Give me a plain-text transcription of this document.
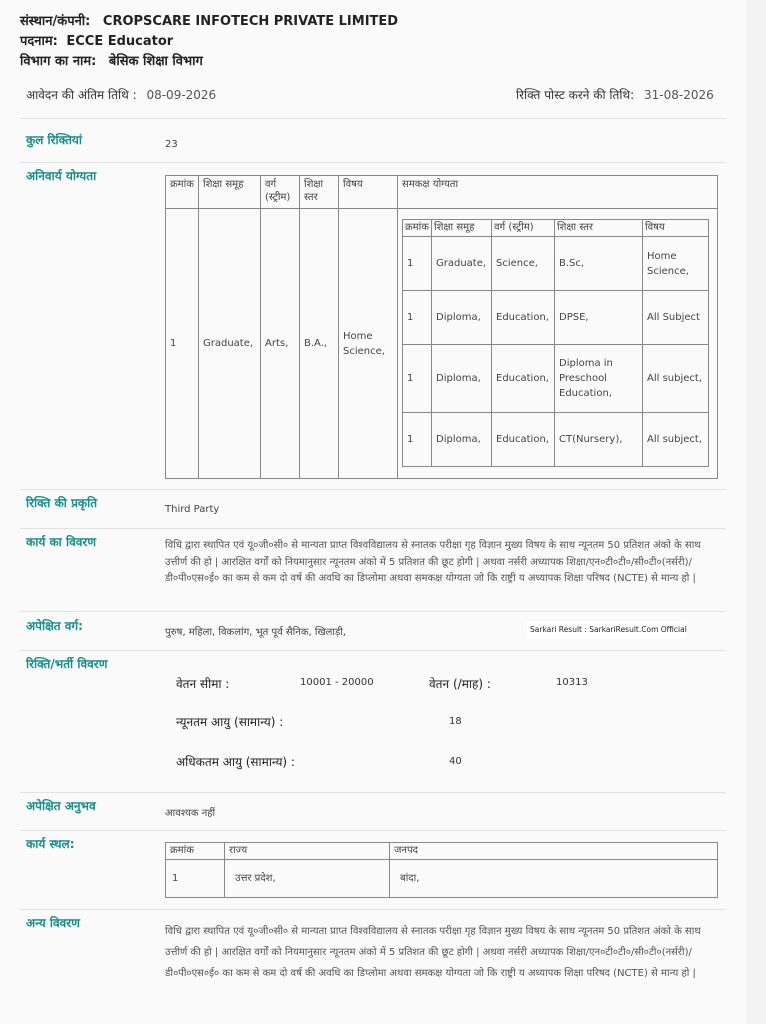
संस्थान/कंपनी: CROPSCARE INFOTECH PRIVATE LIMITED
पदनाम: ECCE Educator
विभाग का नाम: बेसिक शिक्षा विभाग
आवेदन की अंतिम तिथि : 08-09-2026	रिक्ति पोस्ट करने की तिथि: 31-08-2026
कुल रिक्तियां	23
अनिवार्य योग्यता
क्रमांक	शिक्षा समूह	वर्ग (स्ट्रीम)	शिक्षा स्तर	विषय	समकक्ष योग्यता
1	Graduate,	Arts,	B.A.,	Home Science,	
क्रमांक	शिक्षा समूह	वर्ग (स्ट्रीम)	शिक्षा स्तर	विषय
1	Graduate,	Science,	B.Sc,	Home Science,
1	Diploma,	Education,	DPSE,	All Subject
1	Diploma,	Education,	Diploma in Preschool Education,	All subject,
1	Diploma,	Education,	CT(Nursery),	All subject,
रिक्ति की प्रकृति	Third Party
कार्य का विवरण	विधि द्वारा स्थापित एवं यू०जी०सी० से मान्यता प्राप्त विश्वविद्यालय से स्नातक परीक्षा गृह विज्ञान मुख्य विषय के साथ न्यूनतम 50 प्रतिशत अंको के साथ उत्तीर्ण की हो | आरक्षित वर्गों को नियमानुसार न्यूनतम अंको में 5 प्रतिशत की छूट होगी | अथवा नर्सरी अध्यापक शिक्षा/एन०टी०टी०/सी०टी०(नर्सरी)/ डी०पी०एस०ई० का कम से कम दो वर्ष की अवधि का डिप्लोमा अथवा समकक्ष योग्यता जो कि राष्ट्री य अध्यापक शिक्षा परिषद (NCTE) से मान्य हो |
अपेक्षित वर्ग:	पुरुष, महिला, विकलांग, भूत पूर्व सैनिक, खिलाड़ी,	Sarkari Result : SarkariResult.Com Official
रिक्ति/भर्ती विवरण
वेतन सीमा :	10001 - 20000	वेतन (/माह) :	10313
न्यूनतम आयु (सामान्य) :	18
अधिकतम आयु (सामान्य) :	40
अपेक्षित अनुभव
आवश्यक नहीं
कार्य स्थल:	क्रमांक	राज्य	जनपद
1	उत्तर प्रदेश,	बांदा,
अन्य विवरण
विधि द्वारा स्थापित एवं यू०जी०सी० से मान्यता प्राप्त विश्वविद्यालय से स्नातक परीक्षा गृह विज्ञान मुख्य विषय के साथ न्यूनतम 50 प्रतिशत अंको के साथ उत्तीर्ण की हो | आरक्षित वर्गों को नियमानुसार न्यूनतम अंको में 5 प्रतिशत की छूट होगी | अथवा नर्सरी अध्यापक शिक्षा/एन०टी०टी०/सी०टी०(नर्सरी)/ डी०पी०एस०ई० का कम से कम दो वर्ष की अवधि का डिप्लोमा अथवा समकक्ष योग्यता जो कि राष्ट्री य अध्यापक शिक्षा परिषद (NCTE) से मान्य हो |
